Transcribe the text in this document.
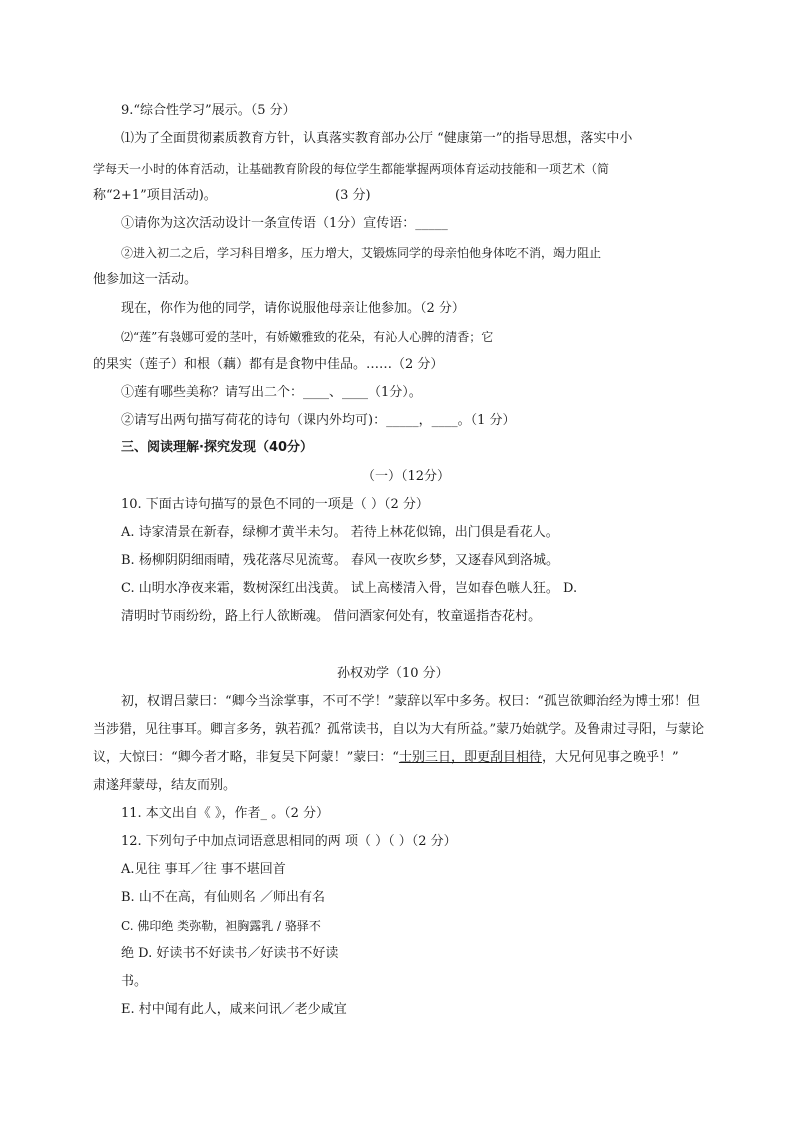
9.“综合性学习”展示。（5 分）
⑴为了全面贯彻素质教育方针，认真落实教育部办公厅 “健康第一”的指导思想，落实中小
学每天一小时的体育活动，让基础教育阶段的每位学生都能掌握两项体育运动技能和一项艺术（简
称“2+1”项目活动)。	(3 分)
①请你为这次活动设计一条宣传语（1分）宣传语：_____
②进入初二之后，学习科目增多，压力增大，艾锻炼同学的母亲怕他身体吃不消，竭力阻止
他参加这一活动。
现在，你作为他的同学，请你说服他母亲让他参加。（2 分）
⑵“莲”有袅娜可爱的茎叶，有娇嫩雅致的花朵，有沁人心脾的清香；它
的果实（莲子）和根（藕）都有是食物中佳品。……（2 分）
①莲有哪些美称？请写出二个：____、____（1分）。
②请写出两句描写荷花的诗句（课内外均可)：_____，____。（1 分）
三、阅读理解·探究发现（40分）
（一）（12分）
10. 下面古诗句描写的景色不同的一项是（ ）（2 分）
A. 诗家清景在新春，绿柳才黄半未匀。 若待上林花似锦，出门俱是看花人。
B. 杨柳阴阴细雨晴，残花落尽见流莺。 春风一夜吹乡梦，又逐春风到洛城。
C. 山明水净夜来霜，数树深红出浅黄。 试上高楼清入骨，岂如春色嗾人狂。 D.
清明时节雨纷纷，路上行人欲断魂。 借问酒家何处有，牧童遥指杏花村。
孙权劝学（10 分）
初，权谓吕蒙曰：“卿今当涂掌事，不可不学！”蒙辞以军中多务。权曰：“孤岂欲卿治经为博士邪！但
当涉猎，见往事耳。卿言多务，孰若孤？孤常读书，自以为大有所益。”蒙乃始就学。及鲁肃过寻阳，与蒙论
议，大惊曰：“卿今者才略，非复吴下阿蒙！”蒙曰：“士别三日，即更刮目相待，大兄何见事之晚乎！”
肃遂拜蒙母，结友而别。
11. 本文出自《 》，作者_ 。（2 分）
12. 下列句子中加点词语意思相同的两 项（ ）（ ）（2 分）
A.见往 事耳／往 事不堪回首
B. 山不在高，有仙则名 ／师出有名
C. 佛印绝 类弥勒，袒胸露乳 / 骆驿不
绝 D. 好读书不好读书／好读书不好读
书。
E. 村中闻有此人，咸来问讯／老少咸宜
